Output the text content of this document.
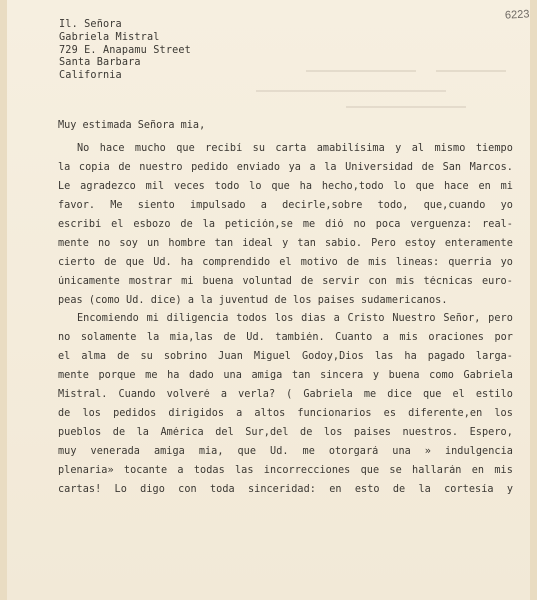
6223
Il. Señora
Gabriela Mistral
729 E. Anapamu Street
Santa Barbara
California
Muy estimada Señora mia,
No hace mucho que recibí su carta amabilísima y al mismo tiempo
la copia de nuestro pedido enviado ya a la Universidad de San Marcos.
Le agradezco mil veces todo lo que ha hecho,todo lo que hace en mi
favor. Me siento impulsado a decirle,sobre todo, que,cuando yo
escribí el esbozo de la petición,se me dió no poca verguenza: real-
mente no soy un hombre tan ideal y tan sabio. Pero estoy enteramente
cierto de que Ud. ha comprendido el motivo de mis lineas: querria yo
únicamente mostrar mi buena voluntad de servir con mis técnicas euro-
peas (como Ud. dice) a la juventud de los paises sudamericanos.
Encomiendo mi diligencia todos los dias a Cristo Nuestro Señor, pero
no solamente la mia,las de Ud. también. Cuanto a mis oraciones por
el alma de su sobrino Juan Miguel Godoy,Dios las ha pagado larga-
mente porque me ha dado una amiga tan sincera y buena como Gabriela
Mistral. Cuando volveré a verla? ( Gabriela me dice que el estilo
de los pedidos dirigidos a altos funcionarios es diferente,en los
pueblos de la América del Sur,del de los paises nuestros. Espero,
muy venerada amiga mia, que Ud. me otorgará una » indulgencia
plenaria» tocante a todas las incorrecciones que se hallarán en mis
cartas! Lo digo con toda sinceridad: en esto de la cortesía y
